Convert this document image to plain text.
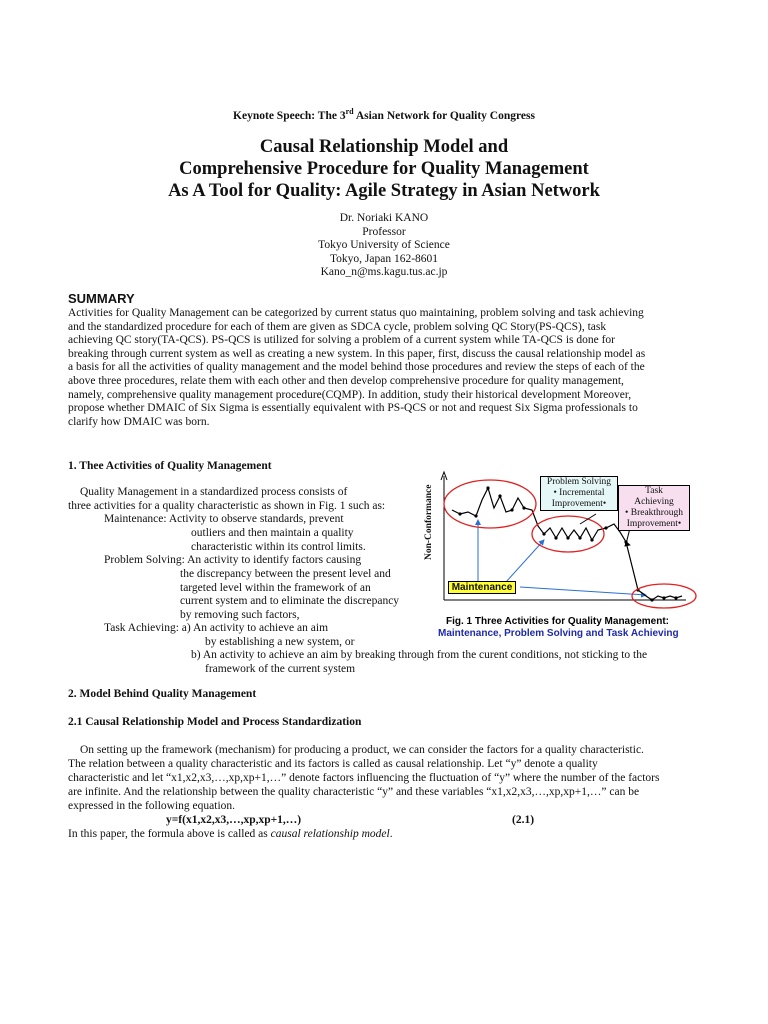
Keynote Speech: The 3rd Asian Network for Quality Congress
Causal Relationship Model and
Comprehensive Procedure for Quality Management
As A Tool for Quality: Agile Strategy in Asian Network
Dr. Noriaki KANO
Professor
Tokyo University of Science
Tokyo, Japan 162-8601
Kano_n@ms.kagu.tus.ac.jp
SUMMARY
Activities for Quality Management can be categorized by current status quo maintaining, problem solving and task achieving
and the standardized procedure for each of them are given as SDCA cycle, problem solving QC Story(PS-QCS), task
achieving QC story(TA-QCS). PS-QCS is utilized for solving a problem of a current system while TA-QCS is done for
breaking through current system as well as creating a new system. In this paper, first, discuss the causal relationship model as
a basis for all the activities of quality management and the model behind those procedures and review the steps of each of the
above three procedures, relate them with each other and then develop comprehensive procedure for quality management,
namely, comprehensive quality management procedure(CQMP). In addition, study their historical development Moreover,
propose whether DMAIC of Six Sigma is essentially equivalent with PS-QCS or not and request Six Sigma professionals to
clarify how DMAIC was born.
1. Thee Activities of Quality Management
Quality Management in a standardized process consists of
three activities for a quality characteristic as shown in Fig. 1 such as:
Maintenance: Activity to observe standards, prevent
outliers and then maintain a quality
characteristic within its control limits.
Problem Solving: An activity to identify factors causing
the discrepancy between the present level and
targeted level within the framework of an
current system and to eliminate the discrepancy
by removing such factors,
Task Achieving: a) An activity to achieve an aim
by establishing a new system, or
b) An activity to achieve an aim by breaking through from the curent conditions, not sticking to the
framework of the current system
Non-Conformance
Problem Solving
• Incremental
Improvement•
Task
Achieving
• Breakthrough
Improvement•
Maintenance
Fig. 1 Three Activities for Quality Management:
Maintenance, Problem Solving and Task Achieving
2. Model Behind Quality Management
2.1 Causal Relationship Model and Process Standardization
On setting up the framework (mechanism) for producing a product, we can consider the factors for a quality characteristic.
The relation between a quality characteristic and its factors is called as causal relationship. Let “y” denote a quality
characteristic and let “x1,x2,x3,…,xp,xp+1,…” denote factors influencing the fluctuation of “y” where the number of the factors
are infinite. And the relationship between the quality characteristic “y” and these variables “x1,x2,x3,…,xp,xp+1,…” can be
expressed in the following equation.
y=f(x1,x2,x3,…,xp,xp+1,…)	(2.1)
In this paper, the formula above is called as causal relationship model.
